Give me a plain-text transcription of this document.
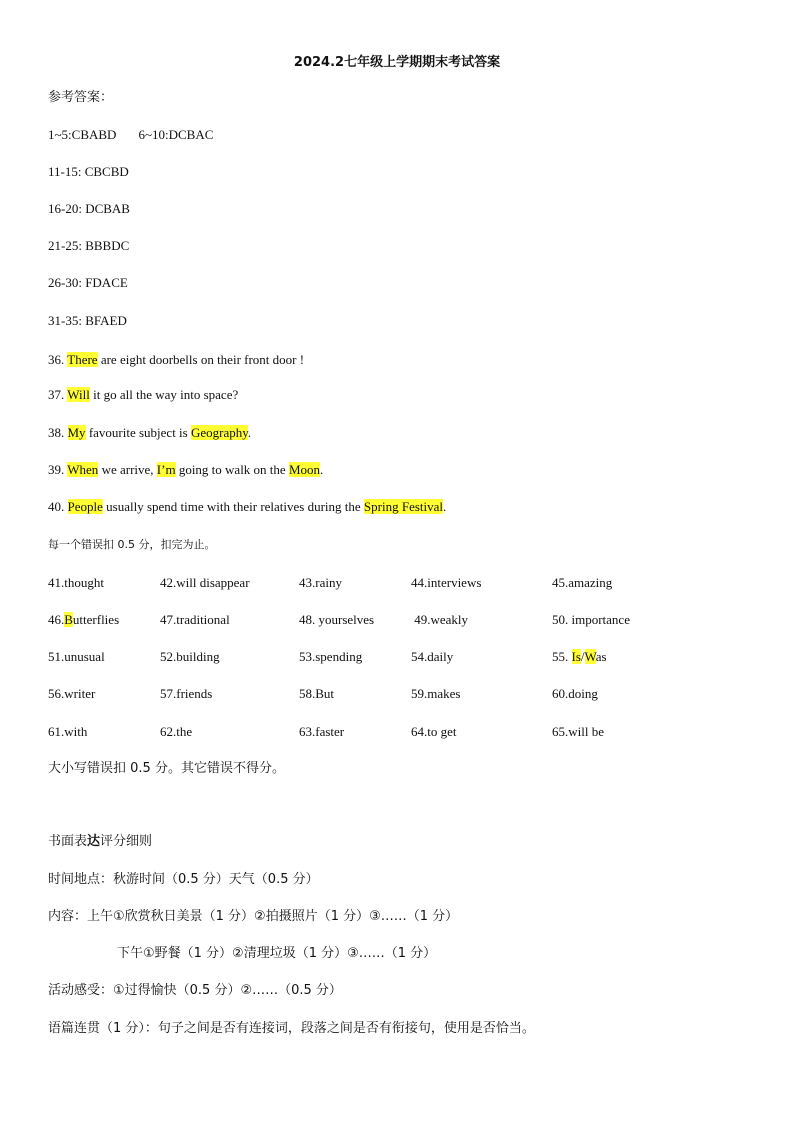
2024.2七年级上学期期末考试答案
参考答案：
1~5:CBABD 6~10:DCBAC
11-15: CBCBD
16-20: DCBAB
21-25: BBBDC
26-30: FDACE
31-35: BFAED
36. There are eight doorbells on their front door !
37. Will it go all the way into space?
38. My favourite subject is Geography.
39. When we arrive, I’m going to walk on the Moon.
40. People usually spend time with their relatives during the Spring Festival.
每一个错误扣 0.5 分，扣完为止。
41.thought	42.will disappear	43.rainy	44.interviews	45.amazing
46.Butterflies	47.traditional	48. yourselves	49.weakly	50. importance
51.unusual	52.building	53.spending	54.daily	55. Is/Was
56.writer	57.friends	58.But	59.makes	60.doing
61.with	62.the	63.faster	64.to get	65.will be
大小写错误扣 0.5 分。其它错误不得分。
书面表达评分细则
时间地点：秋游时间（0.5 分）天气（0.5 分）
内容：上午①欣赏秋日美景（1 分）②拍摄照片（1 分）③……（1 分）
下午①野餐（1 分）②清理垃圾（1 分）③……（1 分）
活动感受：①过得愉快（0.5 分）②……（0.5 分）
语篇连贯（1 分）：句子之间是否有连接词，段落之间是否有衔接句，使用是否恰当。
